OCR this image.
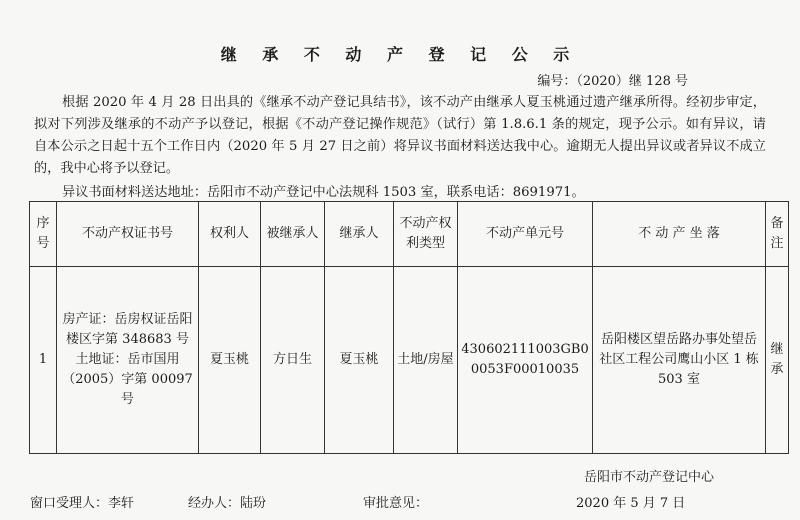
继 承 不 动 产 登 记 公 示
编号：（2020）继 128 号
根据 2020 年 4 月 28 日出具的《继承不动产登记具结书》，该不动产由继承人夏玉桃通过遗产继承所得。经初步审定， 拟对下列涉及继承的不动产予以登记，根据《不动产登记操作规范》（试行）第 1.8.6.1 条的规定，现予公示。如有异议，请自本公示之日起十五个工作日内（2020 年 5 月 27 日之前）将异议书面材料送达我中心。逾期无人提出异议或者异议不成立的，我中心将予以登记。
异议书面材料送达地址：岳阳市不动产登记中心法规科 1503 室，联系电话：8691971。
序号	不动产权证书号	权利人	被继承人	继承人	不动产权利类型	不动产单元号	不 动 产 坐 落	备注
1	房产证：岳房权证岳阳楼区字第 348683 号
土地证：岳市国用（2005）字第 00097 号	夏玉桃	方日生	夏玉桃	土地/房屋	430602111003GB00053F00010035	岳阳楼区望岳路办事处望岳社区工程公司鹰山小区 1 栋 503 室	继承
岳阳市不动产登记中心
窗口受理人：李轩	经办人：陆玢	审批意见：	2020 年 5 月 7 日
